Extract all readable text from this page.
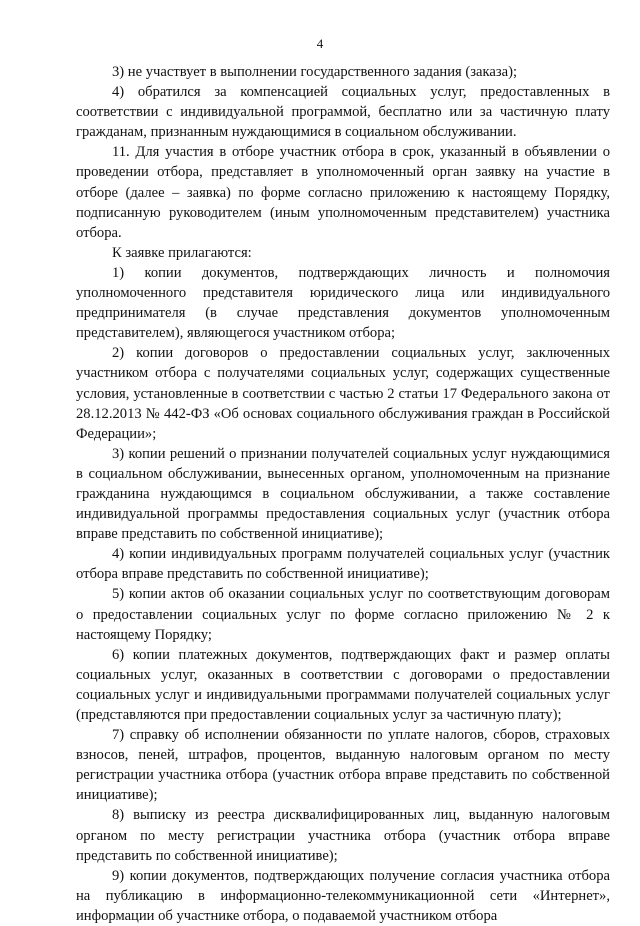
4

3) не участвует в выполнении государственного задания (заказа);

4) обратился за компенсацией социальных услуг, предоставленных в соответствии с индивидуальной программой, бесплатно или за частичную плату гражданам, признанным нуждающимися в социальном обслуживании.

11. Для участия в отборе участник отбора в срок, указанный в объявлении о проведении отбора, представляет в уполномоченный орган заявку на участие в отборе (далее – заявка) по форме согласно приложению к настоящему Порядку, подписанную руководителем (иным уполномоченным представителем) участника отбора.

К заявке прилагаются:

1) копии документов, подтверждающих личность и полномочия уполномоченного представителя юридического лица или индивидуального предпринимателя (в случае представления документов уполномоченным представителем), являющегося участником отбора;

2) копии договоров о предоставлении социальных услуг, заключенных участником отбора с получателями социальных услуг, содержащих существенные условия, установленные в соответствии с частью 2 статьи 17 Федерального закона от 28.12.2013 № 442-ФЗ «Об основах социального обслуживания граждан в Российской Федерации»;

3) копии решений о признании получателей социальных услуг нуждающимися в социальном обслуживании, вынесенных органом, уполномоченным на признание гражданина нуждающимся в социальном обслуживании, а также составление индивидуальной программы предоставления социальных услуг (участник отбора вправе представить по собственной инициативе);

4) копии индивидуальных программ получателей социальных услуг (участник отбора вправе представить по собственной инициативе);

5) копии актов об оказании социальных услуг по соответствующим договорам о предоставлении социальных услуг по форме согласно приложению № 2 к настоящему Порядку;

6) копии платежных документов, подтверждающих факт и размер оплаты социальных услуг, оказанных в соответствии с договорами о предоставлении социальных услуг и индивидуальными программами получателей социальных услуг (представляются при предоставлении социальных услуг за частичную плату);

7) справку об исполнении обязанности по уплате налогов, сборов, страховых взносов, пеней, штрафов, процентов, выданную налоговым органом по месту регистрации участника отбора (участник отбора вправе представить по собственной инициативе);

8) выписку из реестра дисквалифицированных лиц, выданную налоговым органом по месту регистрации участника отбора (участник отбора вправе представить по собственной инициативе);

9) копии документов, подтверждающих получение согласия участника отбора на публикацию в информационно-телекоммуникационной сети «Интернет», информации об участнике отбора, о подаваемой участником отбора
